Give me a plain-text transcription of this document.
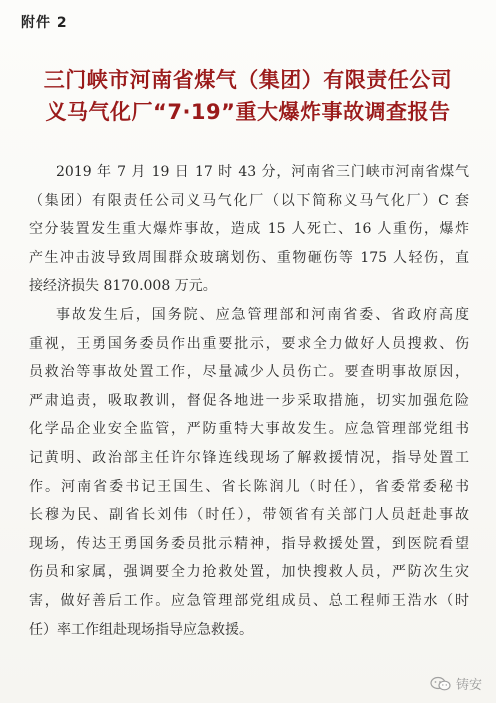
附件 2
三门峡市河南省煤气（集团）有限责任公司
义马气化厂“7·19”重大爆炸事故调查报告
2019 年 7 月 19 日 17 时 43 分，河南省三门峡市河南省煤气
（集团）有限责任公司义马气化厂（以下简称义马气化厂）C 套
空分装置发生重大爆炸事故，造成 15 人死亡、16 人重伤，爆炸
产生冲击波导致周围群众玻璃划伤、重物砸伤等 175 人轻伤，直
接经济损失 8170.008 万元。
事故发生后，国务院、应急管理部和河南省委、省政府高度
重视，王勇国务委员作出重要批示，要求全力做好人员搜救、伤
员救治等事故处置工作，尽量减少人员伤亡。要查明事故原因，
严肃追责，吸取教训，督促各地进一步采取措施，切实加强危险
化学品企业安全监管，严防重特大事故发生。应急管理部党组书
记黄明、政治部主任许尔锋连线现场了解救援情况，指导处置工
作。河南省委书记王国生、省长陈润儿（时任），省委常委秘书
长穆为民、副省长刘伟（时任），带领省有关部门人员赶赴事故
现场，传达王勇国务委员批示精神，指导救援处置，到医院看望
伤员和家属，强调要全力抢救处置，加快搜救人员，严防次生灾
害，做好善后工作。应急管理部党组成员、总工程师王浩水（时
任）率工作组赴现场指导应急救援。
铸安
